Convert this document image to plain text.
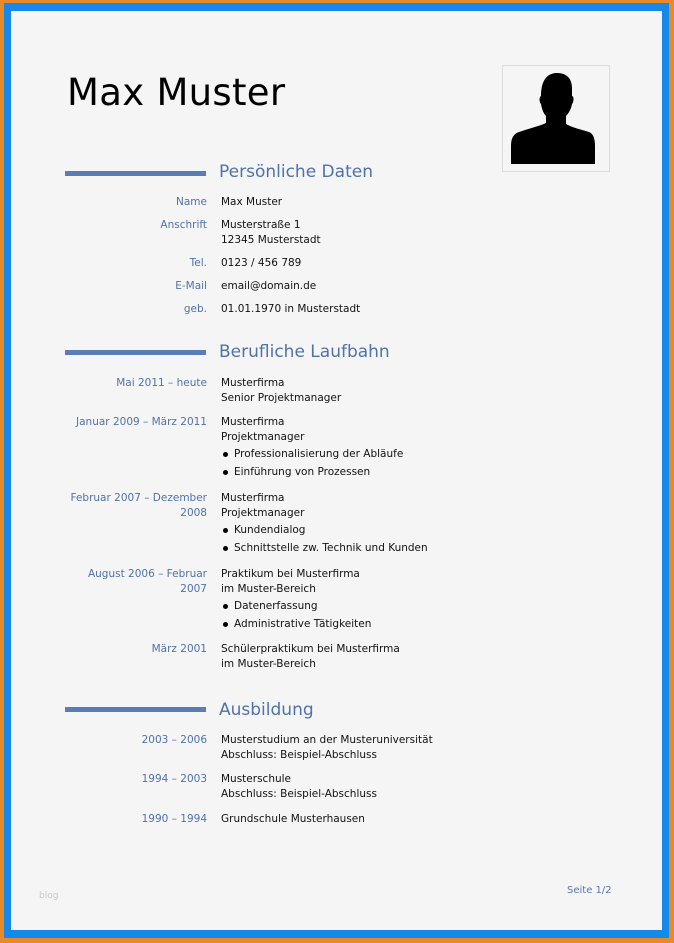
Max Muster
Persönliche Daten
Name Max Muster
Anschrift Musterstraße 1
12345 Musterstadt
Tel. 0123 / 456 789
E-Mail email@domain.de
geb. 01.01.1970 in Musterstadt
Berufliche Laufbahn
Mai 2011 – heute Musterfirma
Senior Projektmanager
Januar 2009 – März 2011 Musterfirma
Projektmanager
Professionalisierung der Abläufe
Einführung von Prozessen
Februar 2007 – Dezember
2008
Musterfirma
Projektmanager
Kundendialog
Schnittstelle zw. Technik und Kunden
August 2006 – Februar
2007
Praktikum bei Musterfirma
im Muster-Bereich
Datenerfassung
Administrative Tätigkeiten
März 2001 Schülerpraktikum bei Musterfirma
im Muster-Bereich
Ausbildung
2003 – 2006 Musterstudium an der Musteruniversität
Abschluss: Beispiel-Abschluss
1994 – 2003 Musterschule
Abschluss: Beispiel-Abschluss
1990 – 1994 Grundschule Musterhausen
blog	Seite 1/2
